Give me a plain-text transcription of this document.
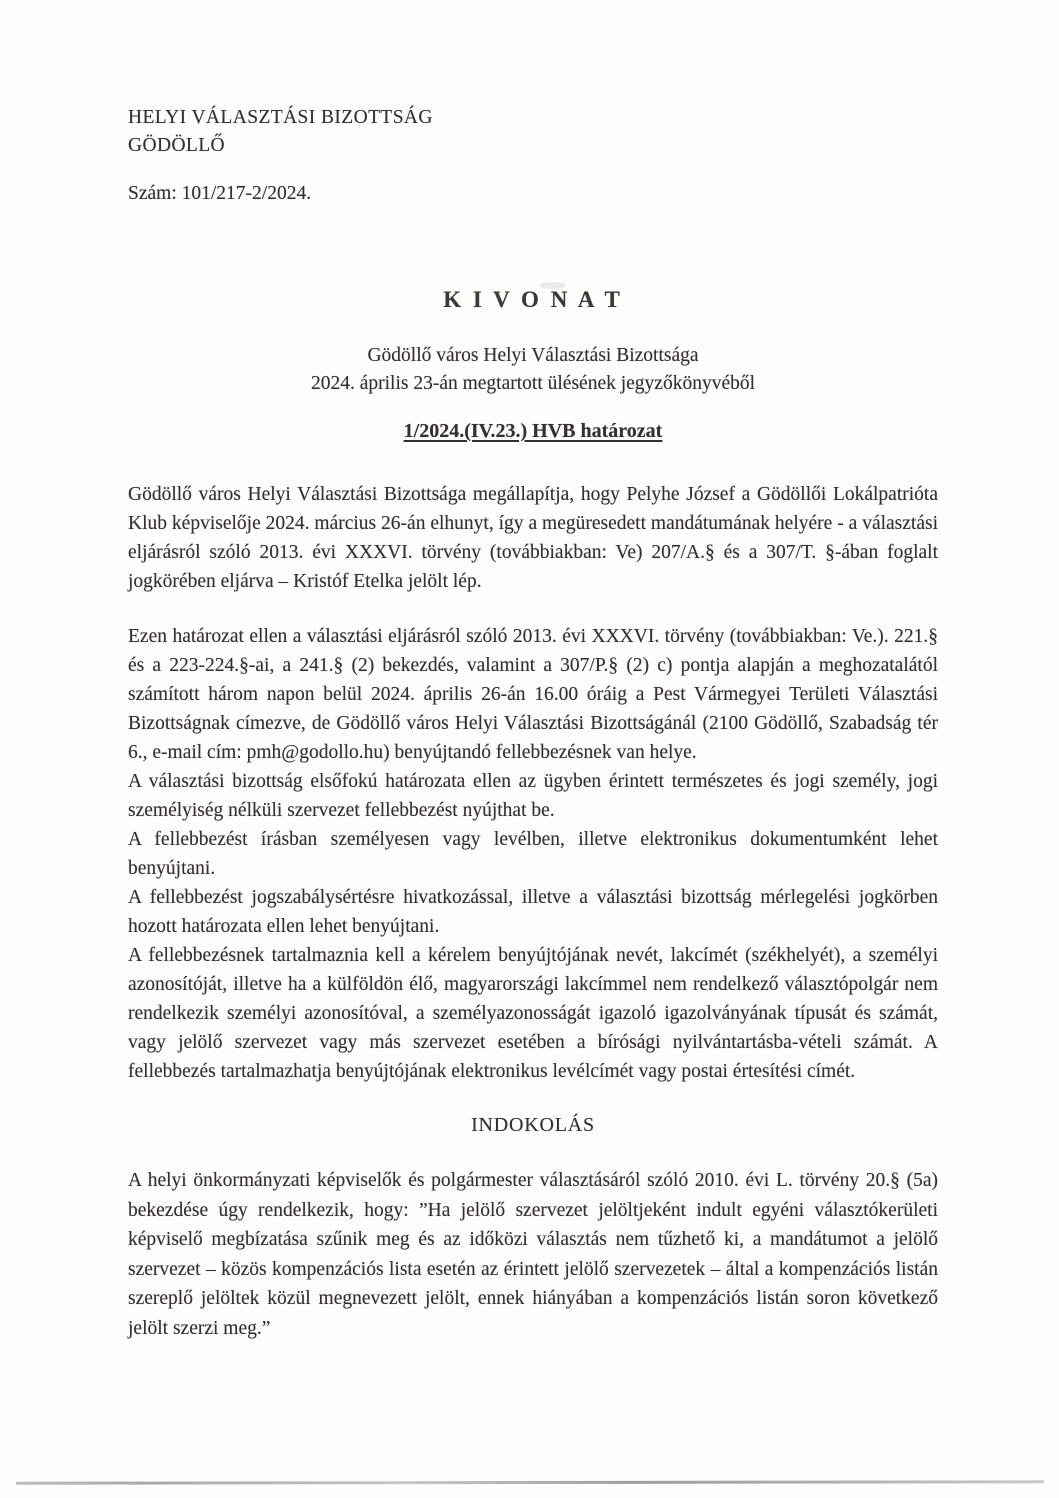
HELYI VÁLASZTÁSI BIZOTTSÁG

GÖDÖLLŐ

Szám: 101/217-2/2024.

K I V O N A T

Gödöllő város Helyi Választási Bizottsága

2024. április 23-án megtartott ülésének jegyzőkönyvéből

1/2024.(IV.23.) HVB határozat

Gödöllő város Helyi Választási Bizottsága megállapítja, hogy Pelyhe József a Gödöllői Lokálpatrióta Klub képviselője 2024. március 26-án elhunyt, így a megüresedett mandátumának helyére - a választási eljárásról szóló 2013. évi XXXVI. törvény (továbbiakban: Ve) 207/A.§ és a 307/T. §-ában foglalt jogkörében eljárva – Kristóf Etelka jelölt lép.

Ezen határozat ellen a választási eljárásról szóló 2013. évi XXXVI. törvény (továbbiakban: Ve.). 221.§ és a 223-224.§-ai, a 241.§ (2) bekezdés, valamint a 307/P.§ (2) c) pontja alapján a meghozatalától számított három napon belül 2024. április 26-án 16.00 óráig a Pest Vármegyei Területi Választási Bizottságnak címezve, de Gödöllő város Helyi Választási Bizottságánál (2100 Gödöllő, Szabadság tér 6., e-mail cím: pmh@godollo.hu) benyújtandó fellebbezésnek van helye.

A választási bizottság elsőfokú határozata ellen az ügyben érintett természetes és jogi személy, jogi személyiség nélküli szervezet fellebbezést nyújthat be.

A fellebbezést írásban személyesen vagy levélben, illetve elektronikus dokumentumként lehet benyújtani.

A fellebbezést jogszabálysértésre hivatkozással, illetve a választási bizottság mérlegelési jogkörben hozott határozata ellen lehet benyújtani.

A fellebbezésnek tartalmaznia kell a kérelem benyújtójának nevét, lakcímét (székhelyét), a személyi azonosítóját, illetve ha a külföldön élő, magyarországi lakcímmel nem rendelkező választópolgár nem rendelkezik személyi azonosítóval, a személyazonosságát igazoló igazolványának típusát és számát, vagy jelölő szervezet vagy más szervezet esetében a bírósági nyilvántartásba-vételi számát. A fellebbezés tartalmazhatja benyújtójának elektronikus levélcímét vagy postai értesítési címét.

INDOKOLÁS

A helyi önkormányzati képviselők és polgármester választásáról szóló 2010. évi L. törvény 20.§ (5a) bekezdése úgy rendelkezik, hogy: ”Ha jelölő szervezet jelöltjeként indult egyéni választókerületi képviselő megbízatása szűnik meg és az időközi választás nem tűzhető ki, a mandátumot a jelölő szervezet – közös kompenzációs lista esetén az érintett jelölő szervezetek – által a kompenzációs listán szereplő jelöltek közül megnevezett jelölt, ennek hiányában a kompenzációs listán soron következő jelölt szerzi meg.”
